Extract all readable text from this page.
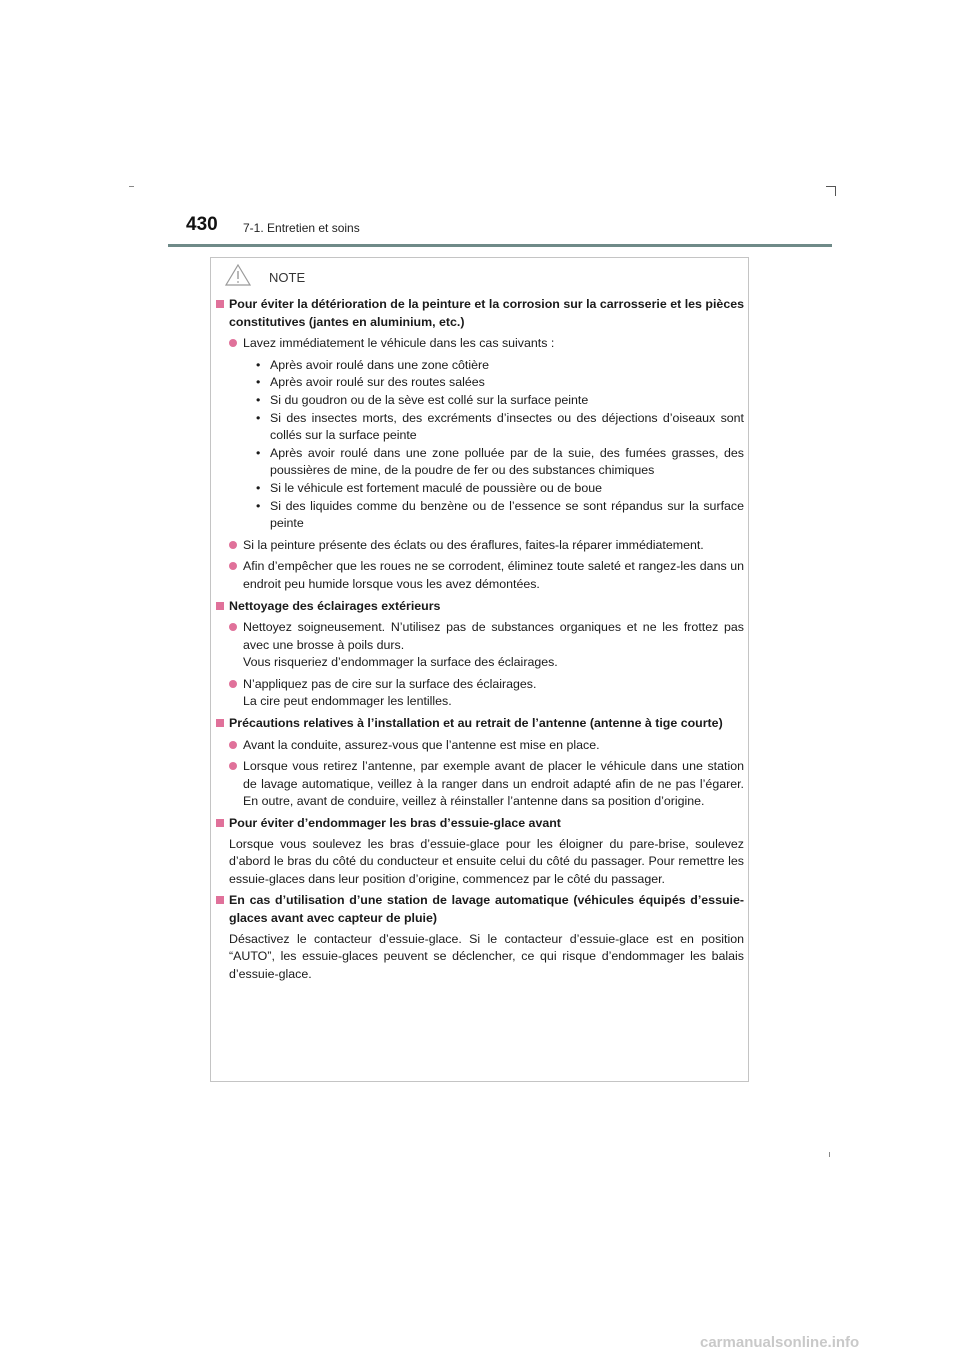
430 7-1. Entretien et soins
NOTE
Pour éviter la détérioration de la peinture et la corrosion sur la carrosserie et les pièces constitutives (jantes en aluminium, etc.)
Lavez immédiatement le véhicule dans les cas suivants :
• Après avoir roulé dans une zone côtière
• Après avoir roulé sur des routes salées
• Si du goudron ou de la sève est collé sur la surface peinte
• Si des insectes morts, des excréments d’insectes ou des déjections d’oiseaux sont collés sur la surface peinte
• Après avoir roulé dans une zone polluée par de la suie, des fumées grasses, des poussières de mine, de la poudre de fer ou des substances chimiques
• Si le véhicule est fortement maculé de poussière ou de boue
• Si des liquides comme du benzène ou de l’essence se sont répandus sur la surface peinte
Si la peinture présente des éclats ou des éraflures, faites-la réparer immédiatement.
Afin d’empêcher que les roues ne se corrodent, éliminez toute saleté et rangez-les dans un endroit peu humide lorsque vous les avez démontées.
Nettoyage des éclairages extérieurs
Nettoyez soigneusement. N’utilisez pas de substances organiques et ne les frottez pas avec une brosse à poils durs.
Vous risqueriez d’endommager la surface des éclairages.
N’appliquez pas de cire sur la surface des éclairages.
La cire peut endommager les lentilles.
Précautions relatives à l’installation et au retrait de l’antenne (antenne à tige courte)
Avant la conduite, assurez-vous que l’antenne est mise en place.
Lorsque vous retirez l’antenne, par exemple avant de placer le véhicule dans une station de lavage automatique, veillez à la ranger dans un endroit adapté afin de ne pas l’égarer. En outre, avant de conduire, veillez à réinstaller l’antenne dans sa position d’origine.
Pour éviter d’endommager les bras d’essuie-glace avant
Lorsque vous soulevez les bras d’essuie-glace pour les éloigner du pare-brise, soulevez d’abord le bras du côté du conducteur et ensuite celui du côté du passager. Pour remettre les essuie-glaces dans leur position d’origine, commencez par le côté du passager.
En cas d’utilisation d’une station de lavage automatique (véhicules équipés d’essuie-glaces avant avec capteur de pluie)
Désactivez le contacteur d’essuie-glace. Si le contacteur d’essuie-glace est en position “AUTO”, les essuie-glaces peuvent se déclencher, ce qui risque d’endommager les balais d’essuie-glace.
carmanualsonline.info
